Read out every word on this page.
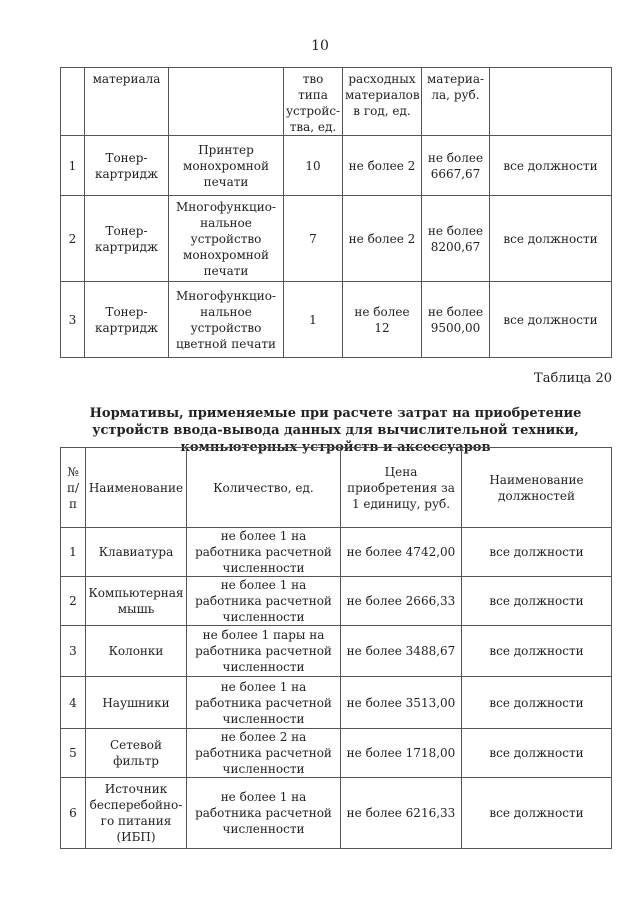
10
	материала		тво типа устройс-тва, ед.	расходных материалов в год, ед.	материа-ла, руб.	
1	Тонер-картридж	Принтер монохромной печати	10	не более 2	не более 6667,67	все должности
2	Тонер-картридж	Многофункцио-нальное устройство монохромной печати	7	не более 2	не более 8200,67	все должности
3	Тонер-картридж	Многофункцио-нальное устройство цветной печати	1	не более 12	не более 9500,00	все должности
Таблица 20
Нормативы, применяемые при расчете затрат на приобретение устройств ввода-вывода данных для вычислительной техники, компьютерных устройств и аксессуаров
№ п/п	Наименование	Количество, ед.	Цена приобретения за 1 единицу, руб.	Наименование должностей
1	Клавиатура	не более 1 на работника расчетной численности	не более 4742,00	все должности
2	Компьютерная мышь	не более 1 на работника расчетной численности	не более 2666,33	все должности
3	Колонки	не более 1 пары на работника расчетной численности	не более 3488,67	все должности
4	Наушники	не более 1 на работника расчетной численности	не более 3513,00	все должности
5	Сетевой фильтр	не более 2 на работника расчетной численности	не более 1718,00	все должности
6	Источник бесперебойно-го питания (ИБП)	не более 1 на работника расчетной численности	не более 6216,33	все должности
